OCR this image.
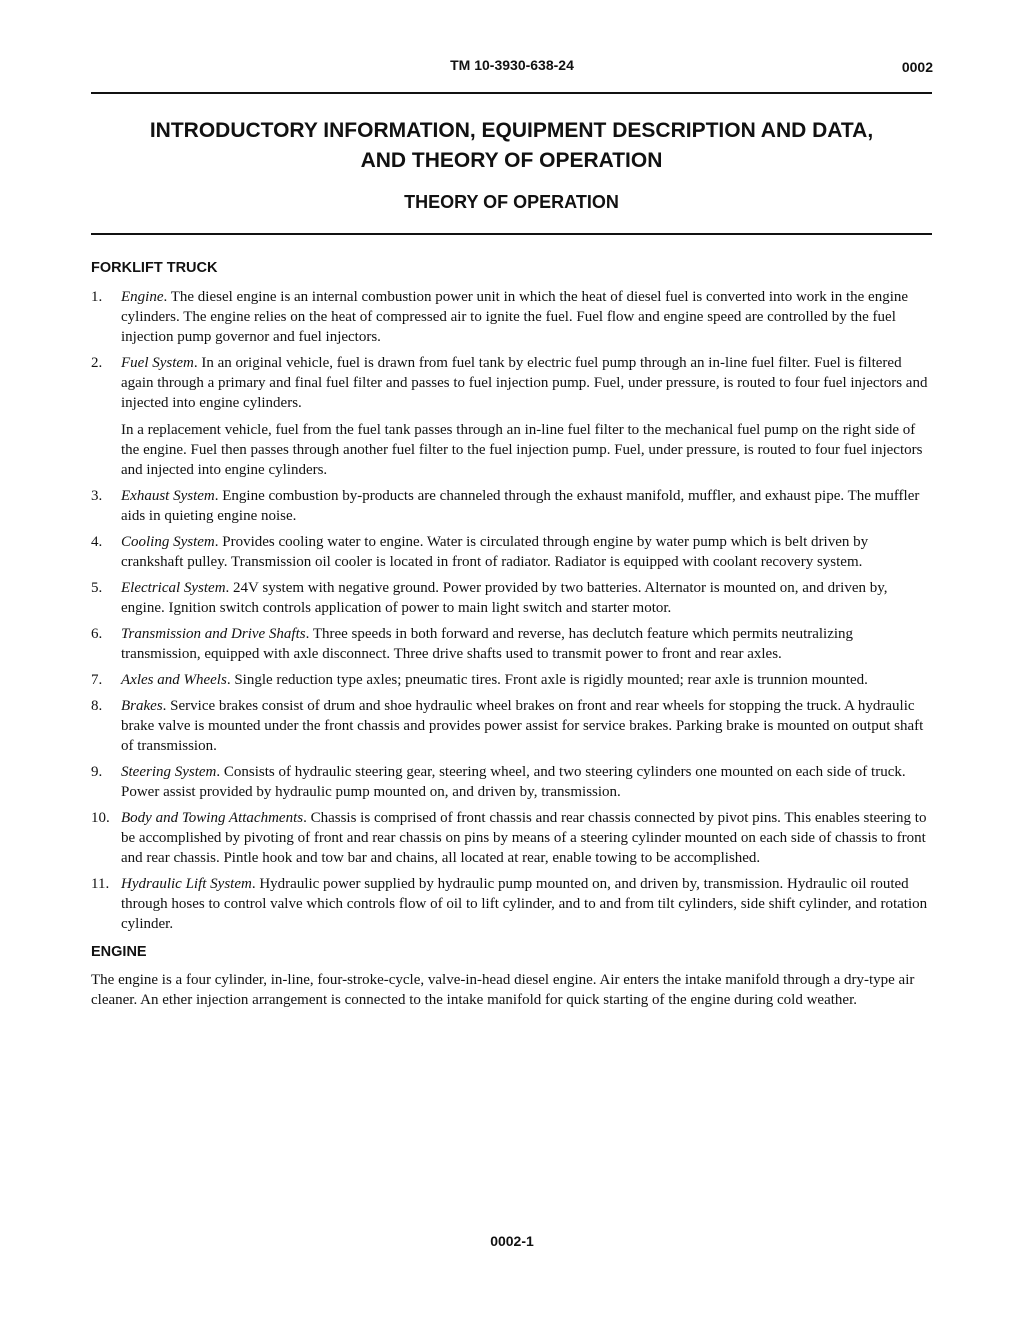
TM 10-3930-638-24	0002
INTRODUCTORY INFORMATION, EQUIPMENT DESCRIPTION AND DATA,
AND THEORY OF OPERATION
THEORY OF OPERATION
FORKLIFT TRUCK
1. Engine. The diesel engine is an internal combustion power unit in which the heat of diesel fuel is converted into work in the engine cylinders. The engine relies on the heat of compressed air to ignite the fuel. Fuel flow and engine speed are controlled by the fuel injection pump governor and fuel injectors.

2. Fuel System. In an original vehicle, fuel is drawn from fuel tank by electric fuel pump through an in-line fuel filter. Fuel is filtered again through a primary and final fuel filter and passes to fuel injection pump. Fuel, under pressure, is routed to four fuel injectors and injected into engine cylinders.

In a replacement vehicle, fuel from the fuel tank passes through an in-line fuel filter to the mechanical fuel pump on the right side of the engine. Fuel then passes through another fuel filter to the fuel injection pump. Fuel, under pressure, is routed to four fuel injectors and injected into engine cylinders.

3. Exhaust System. Engine combustion by-products are channeled through the exhaust manifold, muffler, and exhaust pipe. The muffler aids in quieting engine noise.

4. Cooling System. Provides cooling water to engine. Water is circulated through engine by water pump which is belt driven by crankshaft pulley. Transmission oil cooler is located in front of radiator. Radiator is equipped with coolant recovery system.

5. Electrical System. 24V system with negative ground. Power provided by two batteries. Alternator is mounted on, and driven by, engine. Ignition switch controls application of power to main light switch and starter motor.

6. Transmission and Drive Shafts. Three speeds in both forward and reverse, has declutch feature which permits neutralizing transmission, equipped with axle disconnect. Three drive shafts used to transmit power to front and rear axles.

7. Axles and Wheels. Single reduction type axles; pneumatic tires. Front axle is rigidly mounted; rear axle is trunnion mounted.

8. Brakes. Service brakes consist of drum and shoe hydraulic wheel brakes on front and rear wheels for stopping the truck. A hydraulic brake valve is mounted under the front chassis and provides power assist for service brakes. Parking brake is mounted on output shaft of transmission.

9. Steering System. Consists of hydraulic steering gear, steering wheel, and two steering cylinders one mounted on each side of truck. Power assist provided by hydraulic pump mounted on, and driven by, transmission.

10. Body and Towing Attachments. Chassis is comprised of front chassis and rear chassis connected by pivot pins. This enables steering to be accomplished by pivoting of front and rear chassis on pins by means of a steering cylinder mounted on each side of chassis to front and rear chassis. Pintle hook and tow bar and chains, all located at rear, enable towing to be accomplished.

11. Hydraulic Lift System. Hydraulic power supplied by hydraulic pump mounted on, and driven by, transmission. Hydraulic oil routed through hoses to control valve which controls flow of oil to lift cylinder, and to and from tilt cylinders, side shift cylinder, and rotation cylinder.

ENGINE

The engine is a four cylinder, in-line, four-stroke-cycle, valve-in-head diesel engine. Air enters the intake manifold through a dry-type air cleaner. An ether injection arrangement is connected to the intake manifold for quick starting of the engine during cold weather.

0002-1
